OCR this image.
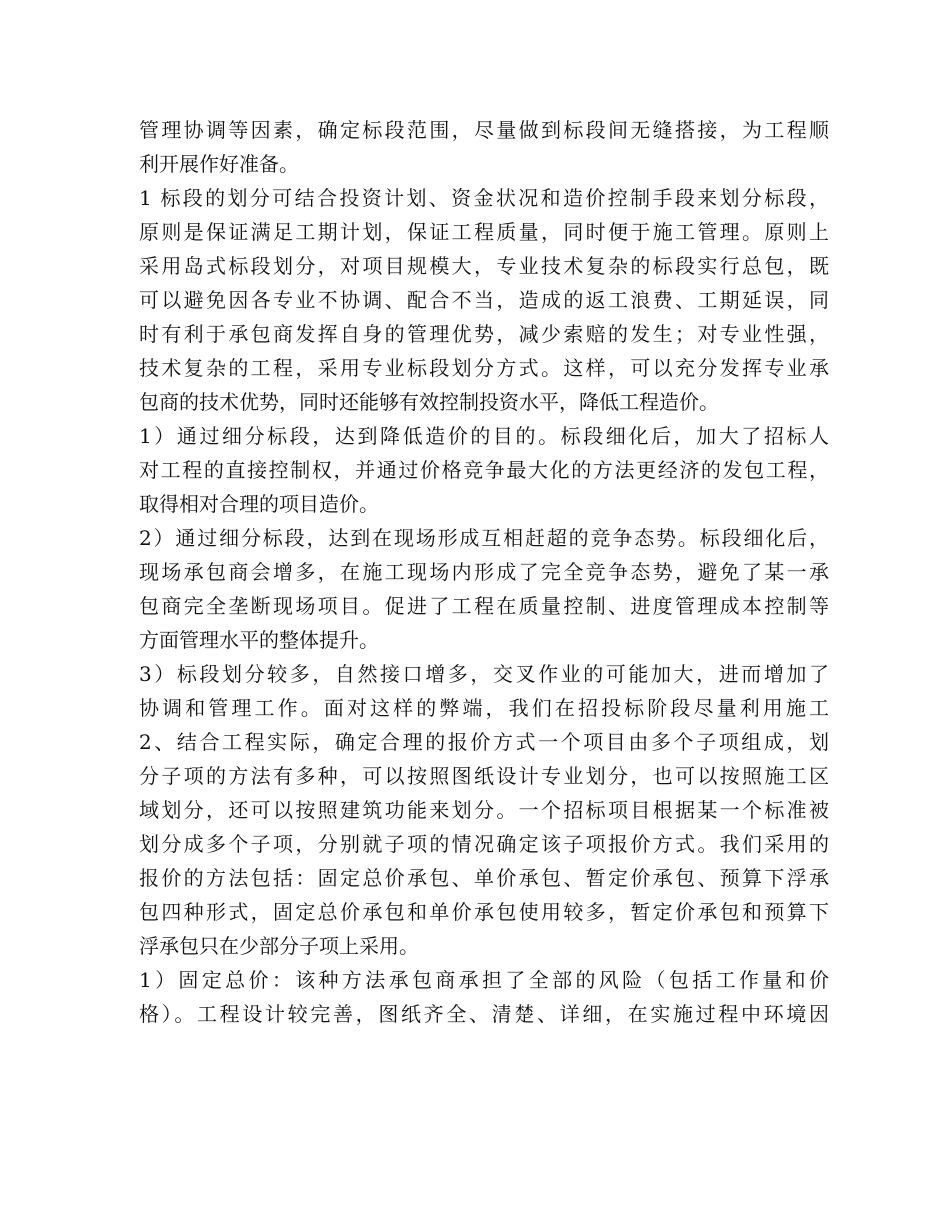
管理协调等因素，确定标段范围，尽量做到标段间无缝搭接，为工程顺
利开展作好准备。
1 标段的划分可结合投资计划、资金状况和造价控制手段来划分标段，
原则是保证满足工期计划，保证工程质量，同时便于施工管理。原则上
采用岛式标段划分，对项目规模大，专业技术复杂的标段实行总包，既
可以避免因各专业不协调、配合不当，造成的返工浪费、工期延误，同
时有利于承包商发挥自身的管理优势，减少索赔的发生；对专业性强，
技术复杂的工程，采用专业标段划分方式。这样，可以充分发挥专业承
包商的技术优势，同时还能够有效控制投资水平，降低工程造价。
1）通过细分标段，达到降低造价的目的。标段细化后，加大了招标人
对工程的直接控制权，并通过价格竞争最大化的方法更经济的发包工程，
取得相对合理的项目造价。
2）通过细分标段，达到在现场形成互相赶超的竞争态势。标段细化后，
现场承包商会增多，在施工现场内形成了完全竞争态势，避免了某一承
包商完全垄断现场项目。促进了工程在质量控制、进度管理成本控制等
方面管理水平的整体提升。
3）标段划分较多，自然接口增多，交叉作业的可能加大，进而增加了
协调和管理工作。面对这样的弊端，我们在招投标阶段尽量利用施工
2、结合工程实际，确定合理的报价方式一个项目由多个子项组成，划
分子项的方法有多种，可以按照图纸设计专业划分，也可以按照施工区
域划分，还可以按照建筑功能来划分。一个招标项目根据某一个标准被
划分成多个子项，分别就子项的情况确定该子项报价方式。我们采用的
报价的方法包括：固定总价承包、单价承包、暂定价承包、预算下浮承
包四种形式，固定总价承包和单价承包使用较多，暂定价承包和预算下
浮承包只在少部分子项上采用。
1）固定总价：该种方法承包商承担了全部的风险（包括工作量和价
格）。工程设计较完善，图纸齐全、清楚、详细，在实施过程中环境因
